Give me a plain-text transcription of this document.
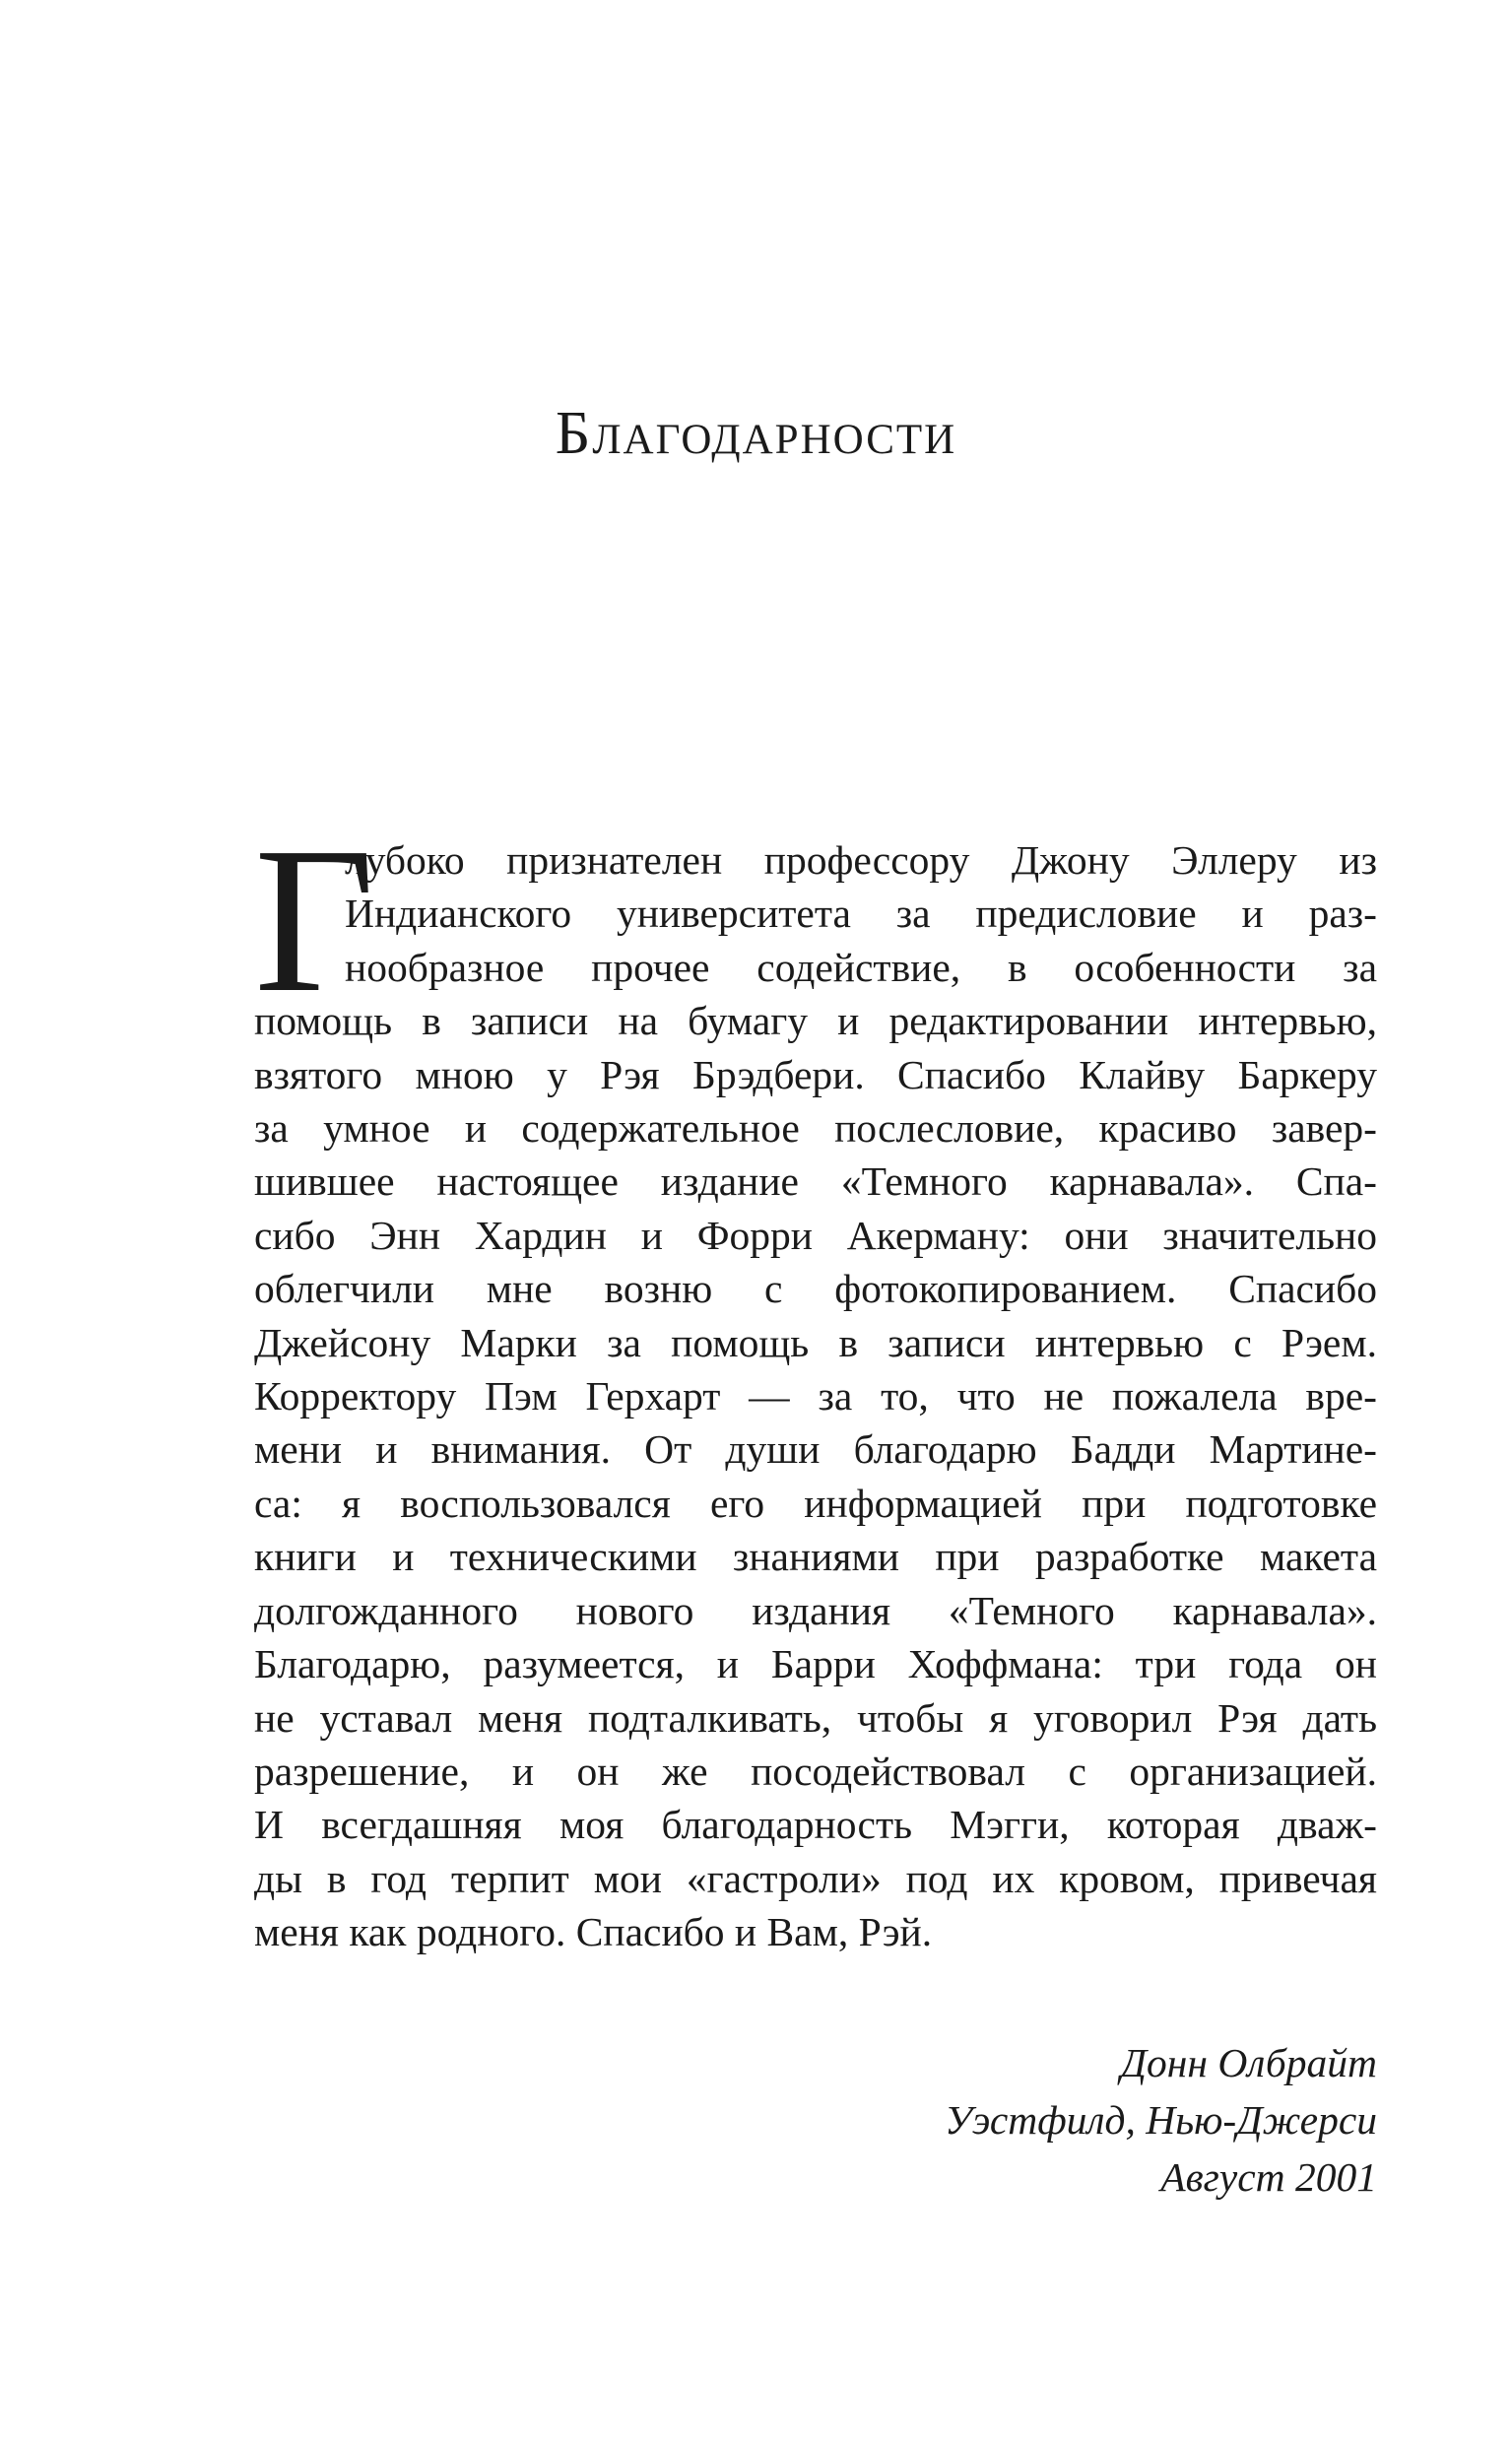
Благодарности
Г
лубоко признателен профессору Джону Эллеру из
Индианского университета за предисловие и раз-
нообразное прочее содействие, в особенности за
помощь в записи на бумагу и редактировании интервью,
взятого мною у Рэя Брэдбери. Спасибо Клайву Баркеру
за умное и содержательное послесловие, красиво завер-
шившее настоящее издание «Темного карнавала». Спа-
сибо Энн Хардин и Форри Акерману: они значительно
облегчили мне возню с фотокопированием. Спасибо
Джейсону Марки за помощь в записи интервью с Рэем.
Корректору Пэм Герхарт — за то, что не пожалела вре-
мени и внимания. От души благодарю Бадди Мартине-
са: я воспользовался его информацией при подготовке
книги и техническими знаниями при разработке макета
долгожданного нового издания «Темного карнавала».
Благодарю, разумеется, и Барри Хоффмана: три года он
не уставал меня подталкивать, чтобы я уговорил Рэя дать
разрешение, и он же посодействовал с организацией.
И всегдашняя моя благодарность Мэгги, которая дваж-
ды в год терпит мои «гастроли» под их кровом, привечая
меня как родного. Спасибо и Вам, Рэй.
Донн Олбрайт
Уэстфилд, Нью-Джерси
Август 2001
